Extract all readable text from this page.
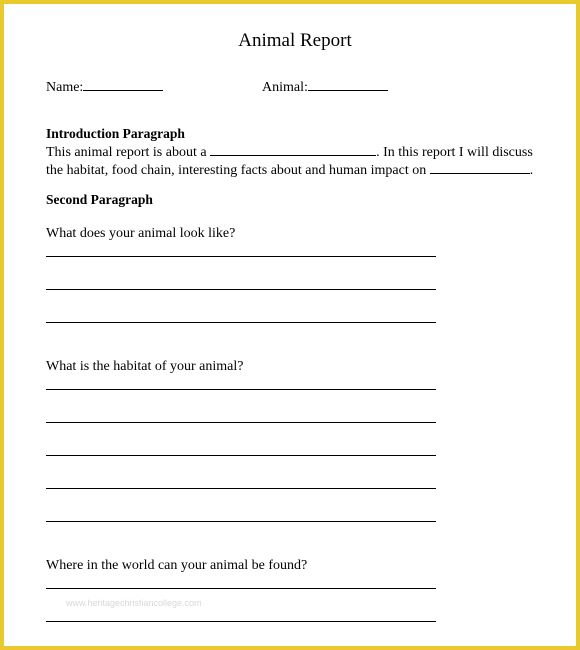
Animal Report
Name:	Animal:
Introduction Paragraph
This animal report is about a	. In this report I will discuss
the habitat, food chain, interesting facts about and human impact on	.
Second Paragraph
What does your animal look like?
What is the habitat of your animal?
Where in the world can your animal be found?
www.heritagechristiancollege.com
